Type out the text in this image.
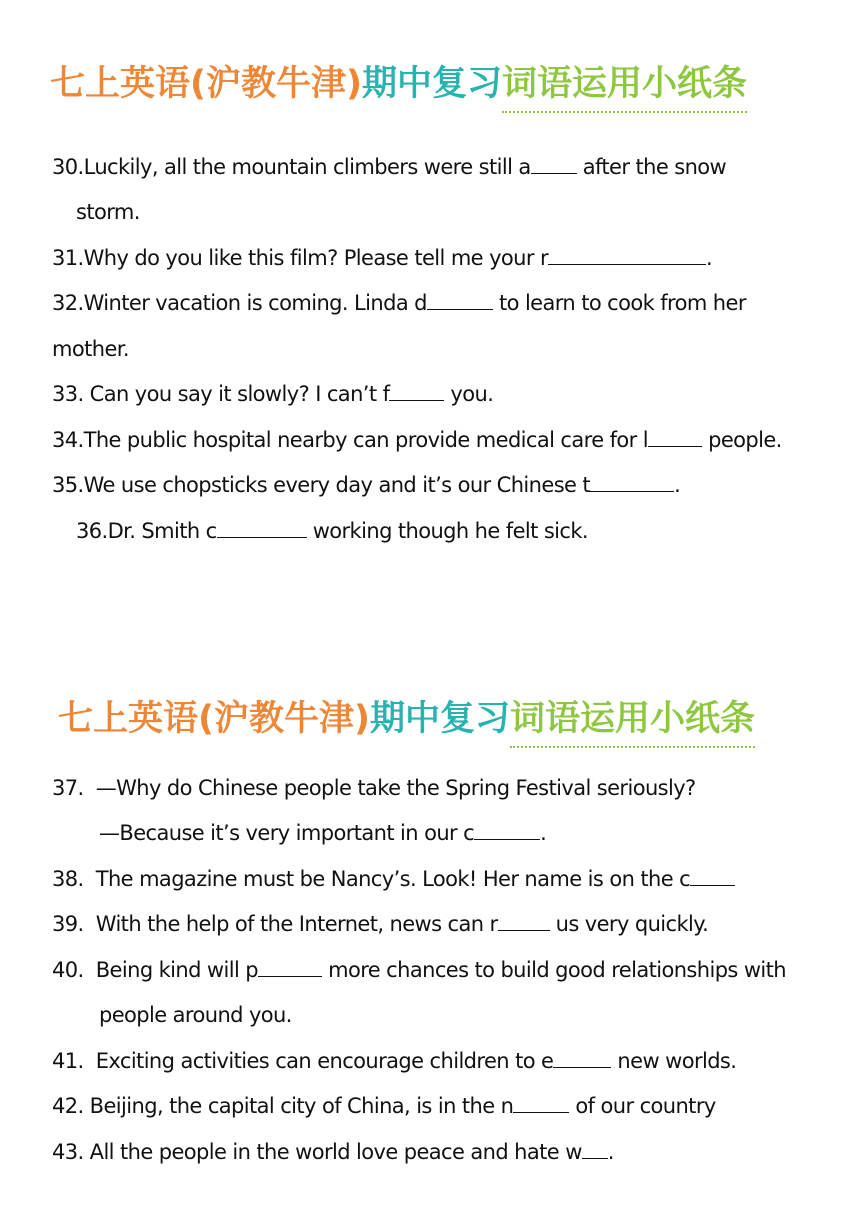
七上英语(沪教牛津)期中复习词语运用小纸条
30.Luckily, all the mountain climbers were still a after the snow
storm.
31.Why do you like this film? Please tell me your r	.
32.Winter vacation is coming. Linda d	to learn to cook from her
mother.
33. Can you say it slowly? I can’t f	you.
34.The public hospital nearby can provide medical care for l	people.
35.We use chopsticks every day and it’s our Chinese t	.
36.Dr. Smith c	working though he felt sick.
七上英语(沪教牛津)期中复习词语运用小纸条
37.  —Why do Chinese people take the Spring Festival seriously?
—Because it’s very important in our c	.
38.  The magazine must be Nancy’s. Look! Her name is on the c
39.  With the help of the Internet, news can r us very quickly.
40.  Being kind will p	more chances to build good relationships with
people around you.
41.  Exciting activities can encourage children to e	new worlds.
42. Beijing, the capital city of China, is in the n	of our country
43. All the people in the world love peace and hate w .
